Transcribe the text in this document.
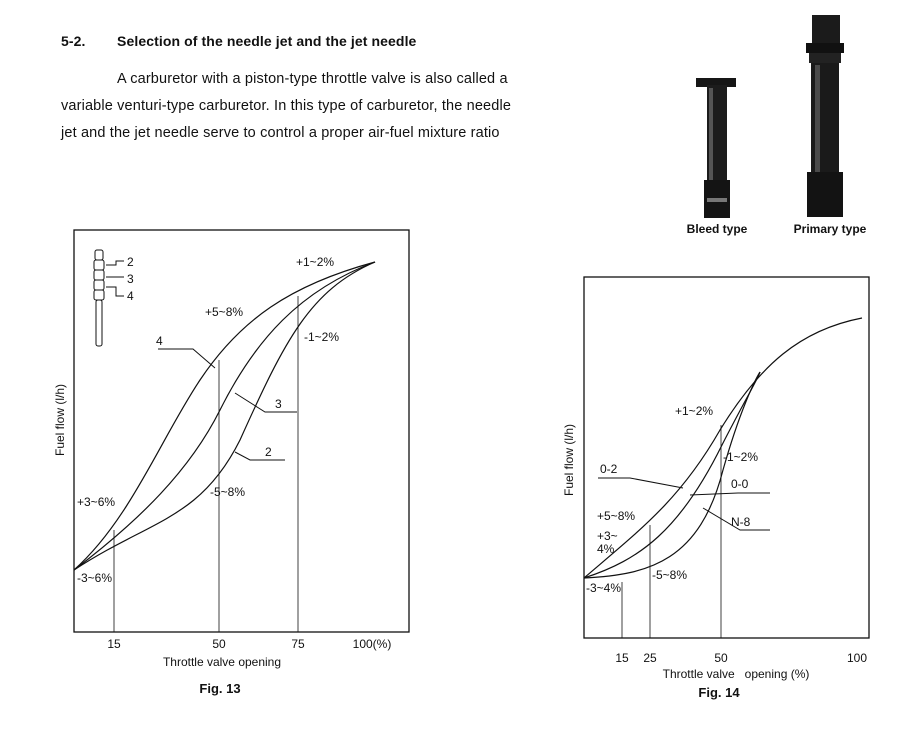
5-2. Selection of the needle jet and the jet needle
A carburetor with a piston-type throttle valve is also called a
variable venturi-type carburetor. In this type of carburetor, the needle
jet and the jet needle serve to control a proper air-fuel mixture ratio
Bleed type	Primary type
2
3
4
4
3
2
+1~2%
+5~8%
-1~2%
+3~6%
-5~8%
-3~6%
15	50	75	100(%)
Throttle valve opening
Fuel flow (l/h)
Fig. 13
0-2
0-0
N-8
+1~2%
-1~2%
+5~8%
+3~
4%
-5~8%
-3~4%
15 25	50	100
Throttle valve   opening (%)
Fuel flow (l/h)
Fig. 14
